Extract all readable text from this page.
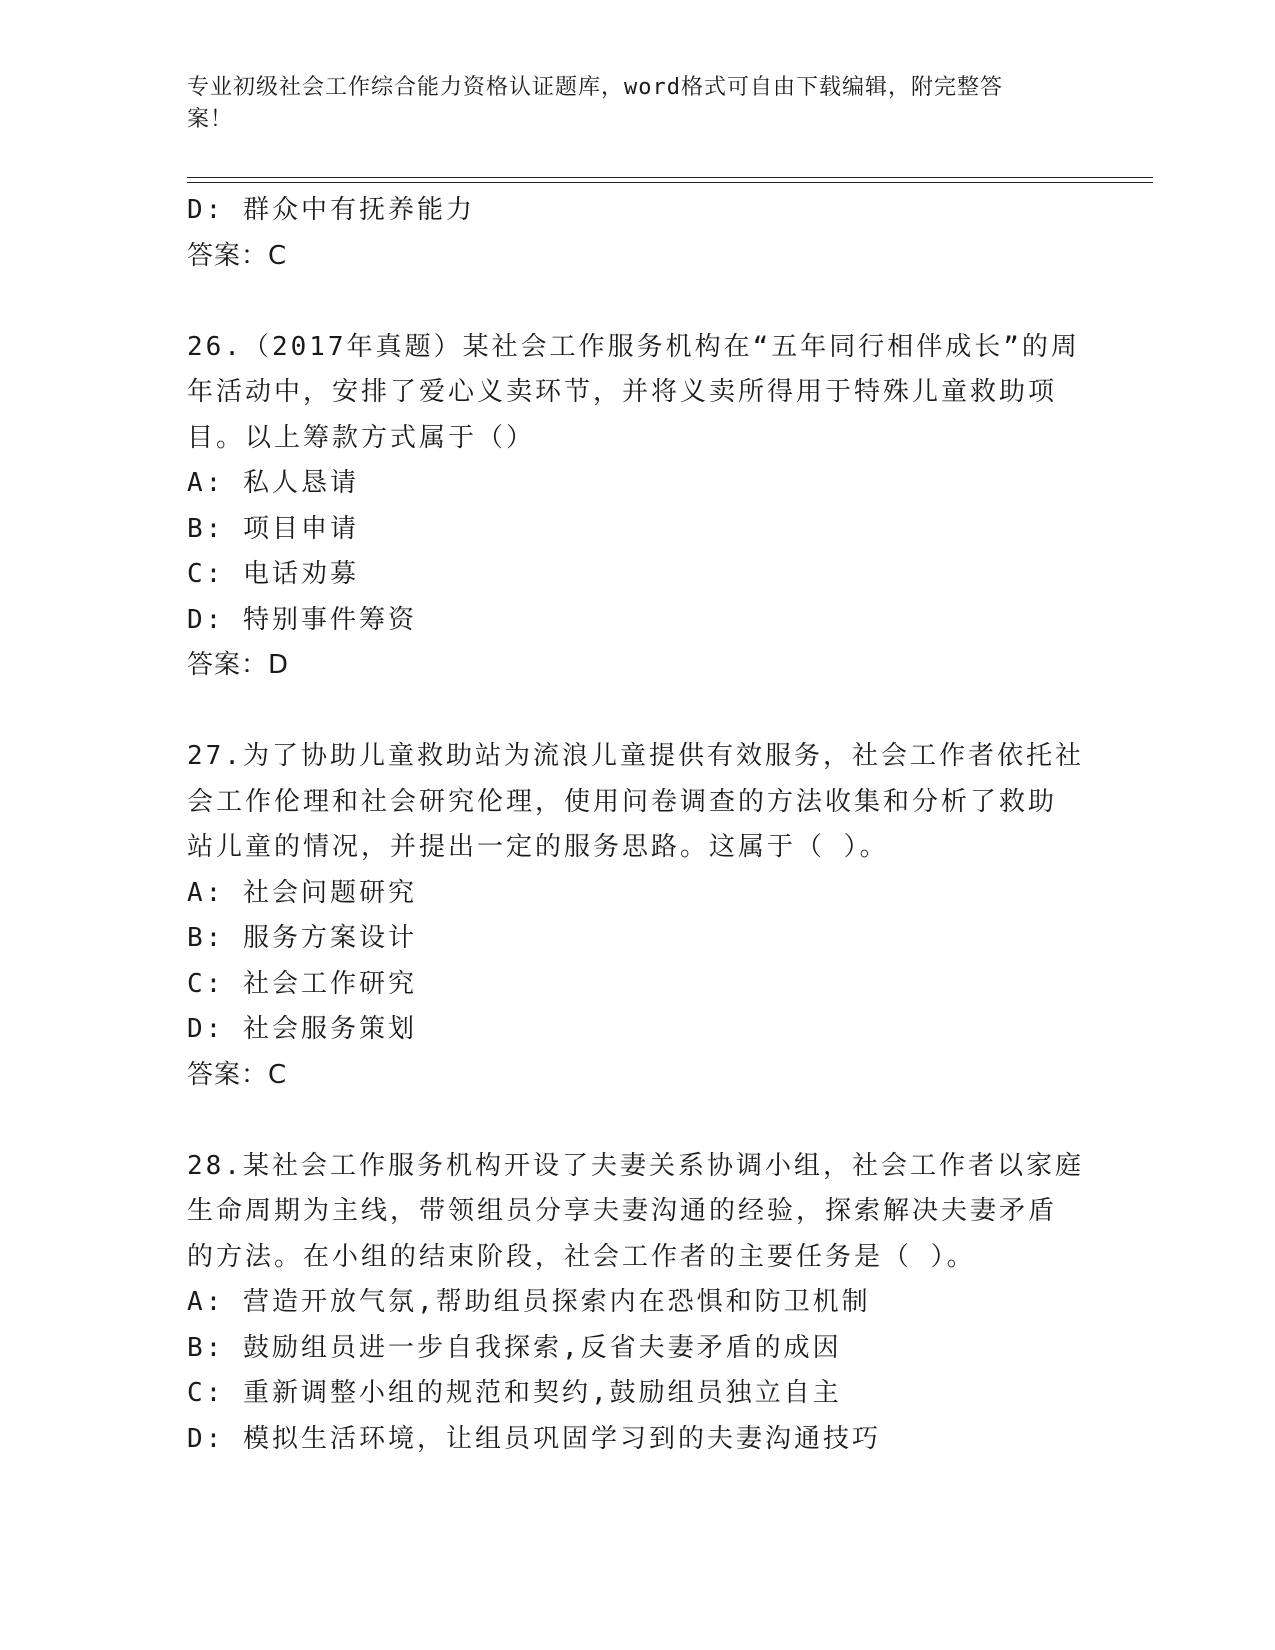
专业初级社会工作综合能力资格认证题库，word格式可自由下载编辑，附完整答
案！
D: 群众中有抚养能力
答案：C
26.（2017年真题）某社会工作服务机构在“五年同行相伴成长”的周
年活动中，安排了爱心义卖环节，并将义卖所得用于特殊儿童救助项
目。以上筹款方式属于（）
A: 私人恳请
B: 项目申请
C: 电话劝募
D: 特别事件筹资
答案：D
27.为了协助儿童救助站为流浪儿童提供有效服务，社会工作者依托社
会工作伦理和社会研究伦理，使用问卷调查的方法收集和分析了救助
站儿童的情况，并提出一定的服务思路。这属于（ ）。
A: 社会问题研究
B: 服务方案设计
C: 社会工作研究
D: 社会服务策划
答案：C
28.某社会工作服务机构开设了夫妻关系协调小组，社会工作者以家庭
生命周期为主线，带领组员分享夫妻沟通的经验，探索解决夫妻矛盾
的方法。在小组的结束阶段，社会工作者的主要任务是（ ）。
A: 营造开放气氛,帮助组员探索内在恐惧和防卫机制
B: 鼓励组员进一步自我探索,反省夫妻矛盾的成因
C: 重新调整小组的规范和契约,鼓励组员独立自主
D: 模拟生活环境，让组员巩固学习到的夫妻沟通技巧
